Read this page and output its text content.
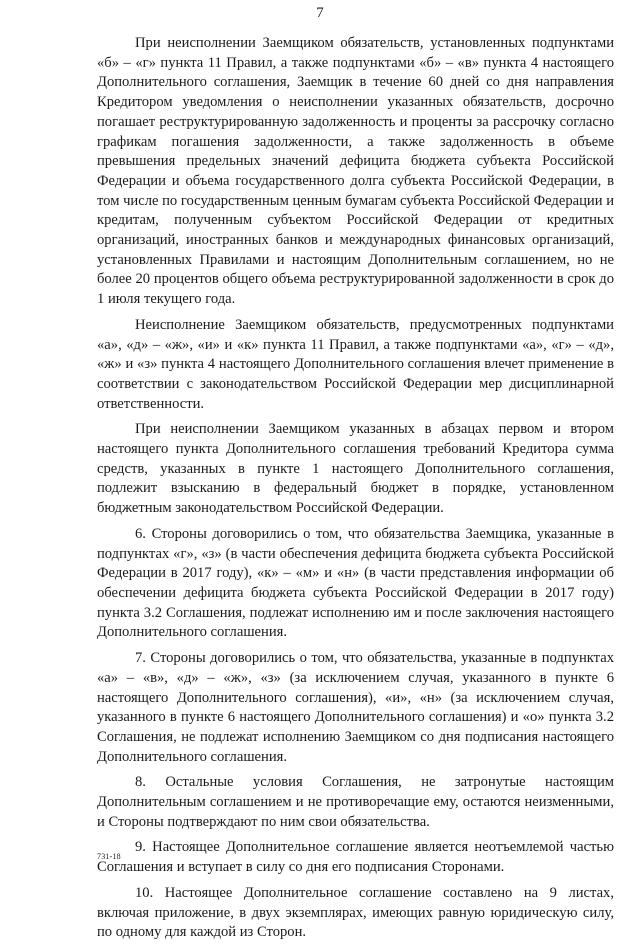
7

При неисполнении Заемщиком обязательств, установленных подпунктами «б» – «г» пункта 11 Правил, а также подпунктами «б» – «в» пункта 4 настоящего Дополнительного соглашения, Заемщик в течение 60 дней со дня направления Кредитором уведомления о неисполнении указанных обязательств, досрочно погашает реструктурированную задолженность и проценты за рассрочку согласно графикам погашения задолженности, а также задолженность в объеме превышения предельных значений дефицита бюджета субъекта Российской Федерации и объема государственного долга субъекта Российской Федерации, в том числе по государственным ценным бумагам субъекта Российской Федерации и кредитам, полученным субъектом Российской Федерации от кредитных организаций, иностранных банков и международных финансовых организаций, установленных Правилами и настоящим Дополнительным соглашением, но не более 20 процентов общего объема реструктурированной задолженности в срок до 1 июля текущего года.

Неисполнение Заемщиком обязательств, предусмотренных подпунктами «а», «д» – «ж», «и» и «к» пункта 11 Правил, а также подпунктами «а», «г» – «д», «ж» и «з» пункта 4 настоящего Дополнительного соглашения влечет применение в соответствии с законодательством Российской Федерации мер дисциплинарной ответственности.

При неисполнении Заемщиком указанных в абзацах первом и втором настоящего пункта Дополнительного соглашения требований Кредитора сумма средств, указанных в пункте 1 настоящего Дополнительного соглашения, подлежит взысканию в федеральный бюджет в порядке, установленном бюджетным законодательством Российской Федерации.

6. Стороны договорились о том, что обязательства Заемщика, указанные в подпунктах «г», «з» (в части обеспечения дефицита бюджета субъекта Российской Федерации в 2017 году), «к» – «м» и «н» (в части представления информации об обеспечении дефицита бюджета субъекта Российской Федерации в 2017 году) пункта 3.2 Соглашения, подлежат исполнению им и после заключения настоящего Дополнительного соглашения.

7. Стороны договорились о том, что обязательства, указанные в подпунктах «а» – «в», «д» – «ж», «з» (за исключением случая, указанного в пункте 6 настоящего Дополнительного соглашения), «и», «н» (за исключением случая, указанного в пункте 6 настоящего Дополнительного соглашения) и «о» пункта 3.2 Соглашения, не подлежат исполнению Заемщиком со дня подписания настоящего Дополнительного соглашения.

8. Остальные условия Соглашения, не затронутые настоящим Дополнительным соглашением и не противоречащие ему, остаются неизменными, и Стороны подтверждают по ним свои обязательства.

9. Настоящее Дополнительное соглашение является неотъемлемой частью Соглашения и вступает в силу со дня его подписания Сторонами.

10. Настоящее Дополнительное соглашение составлено на 9 листах, включая приложение, в двух экземплярах, имеющих равную юридическую силу, по одному для каждой из Сторон.

731-18
